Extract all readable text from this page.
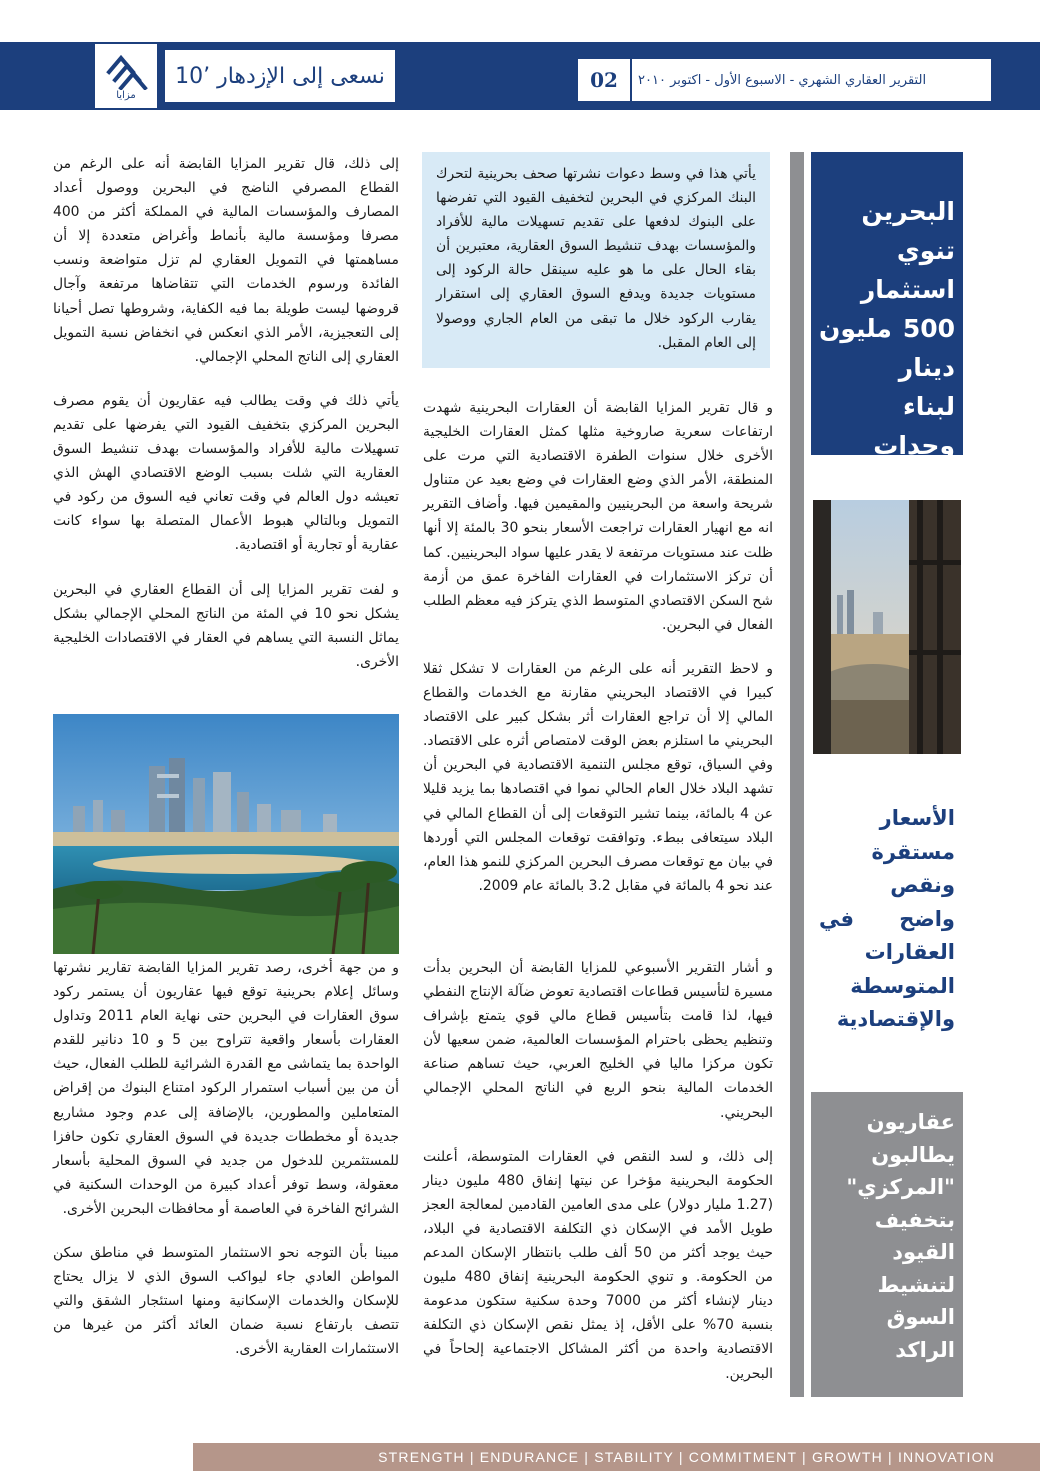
مزايا
نسعى إلى الإزدهار ’10	02	التقرير العقاري الشهري - الاسبوع الأول - اكتوبر ٢٠١٠

إلى ذلك، قال تقرير المزايا القابضة أنه على الرغم من القطاع المصرفي الناضج في البحرين ووصول أعداد المصارف والمؤسسات المالية في المملكة أكثر من 400 مصرفا ومؤسسة مالية بأنماط وأغراض متعددة إلا أن مساهمتها في التمويل العقاري لم تزل متواضعة ونسب الفائدة ورسوم الخدمات التي تتقاضاها مرتفعة وآجال قروضها ليست طويلة بما فيه الكفاية، وشروطها تصل أحيانا إلى التعجيزية، الأمر الذي انعكس في انخفاض نسبة التمويل العقاري إلى الناتج المحلي الإجمالي.

يأتي ذلك في وقت يطالب فيه عقاريون أن يقوم مصرف البحرين المركزي بتخفيف القيود التي يفرضها على تقديم تسهيلات مالية للأفراد والمؤسسات بهدف تنشيط السوق العقارية التي شلت بسبب الوضع الاقتصادي الهش الذي تعيشه دول العالم في وقت تعاني فيه السوق من ركود في التمويل وبالتالي هبوط الأعمال المتصلة بها سواء كانت عقارية أو تجارية أو اقتصادية.

و لفت تقرير المزايا إلى أن القطاع العقاري في البحرين يشكل نحو 10 في المئة من الناتج المحلي الإجمالي بشكل يماثل النسبة التي يساهم في العقار في الاقتصادات الخليجية الأخرى.

و من جهة أخرى، رصد تقرير المزايا القابضة تقارير نشرتها وسائل إعلام بحرينية توقع فيها عقاريون أن يستمر ركود سوق العقارات في البحرين حتى نهاية العام 2011 وتداول العقارات بأسعار واقعية تتراوح بين 5 و 10 دنانير للقدم الواحدة بما يتماشى مع القدرة الشرائية للطلب الفعال، حيث أن من بين أسباب استمرار الركود امتناع البنوك من إقراض المتعاملين والمطورين، بالإضافة إلى عدم وجود مشاريع جديدة أو مخططات جديدة في السوق العقاري تكون حافزا للمستثمرين للدخول من جديد في السوق المحلية بأسعار معقولة، وسط توفر أعداد كبيرة من الوحدات السكنية في الشرائح الفاخرة في العاصمة أو محافظات البحرين الأخرى.

مبينا بأن التوجه نحو الاستثمار المتوسط في مناطق سكن المواطن العادي جاء ليواكب السوق الذي لا يزال يحتاج للإسكان والخدمات الإسكانية ومنها استئجار الشقق والتي تتصف بارتفاع نسبة ضمان العائد أكثر من غيرها من الاستثمارات العقارية الأخرى.

يأتي هذا في وسط دعوات نشرتها صحف بحرينية لتحرك البنك المركزي في البحرين لتخفيف القيود التي تفرضها على البنوك لدفعها على تقديم تسهيلات مالية للأفراد والمؤسسات بهدف تنشيط السوق العقارية، معتبرين أن بقاء الحال على ما هو عليه سينقل حالة الركود إلى مستويات جديدة ويدفع السوق العقاري إلى استقرار يقارب الركود خلال ما تبقى من العام الجاري ووصولا إلى العام المقبل.

و قال تقرير المزايا القابضة أن العقارات البحرينية شهدت ارتفاعات سعرية صاروخية مثلها كمثل العقارات الخليجية الأخرى خلال سنوات الطفرة الاقتصادية التي مرت على المنطقة، الأمر الذي وضع العقارات في وضع بعيد عن متناول شريحة واسعة من البحرينيين والمقيمين فيها. وأضاف التقرير انه مع انهيار العقارات تراجعت الأسعار بنحو 30 بالمئة إلا أنها ظلت عند مستويات مرتفعة لا يقدر عليها سواد البحرينيين. كما أن تركز الاستثمارات في العقارات الفاخرة عمق من أزمة شح السكن الاقتصادي المتوسط الذي يتركز فيه معظم الطلب الفعال في البحرين.

و لاحظ التقرير أنه على الرغم من العقارات لا تشكل ثقلا كبيرا في الاقتصاد البحريني مقارنة مع الخدمات والقطاع المالي إلا أن تراجع العقارات أثر بشكل كبير على الاقتصاد البحريني ما استلزم بعض الوقت لامتصاص أثره على الاقتصاد. وفي السياق، توقع مجلس التنمية الاقتصادية في البحرين أن تشهد البلاد خلال العام الحالي نموا في اقتصادها بما يزيد قليلا عن 4 بالمائة، بينما تشير التوقعات إلى أن القطاع المالي في البلاد سيتعافى ببطء. وتوافقت توقعات المجلس التي أوردها في بيان مع توقعات مصرف البحرين المركزي للنمو هذا العام، عند نحو 4 بالمائة في مقابل 3.2 بالمائة عام 2009.

و أشار التقرير الأسبوعي للمزايا القابضة أن البحرين بدأت مسيرة لتأسيس قطاعات اقتصادية تعوض ضآلة الإنتاج النفطي فيها، لذا قامت بتأسيس قطاع مالي قوي يتمتع بإشراف وتنظيم يحظى باحترام المؤسسات العالمية، ضمن سعيها لأن تكون مركزا ماليا في الخليج العربي، حيث تساهم صناعة الخدمات المالية بنحو الربع في الناتج المحلي الإجمالي البحريني.

إلى ذلك، و لسد النقص في العقارات المتوسطة، أعلنت الحكومة البحرينية مؤخرا عن نيتها إنفاق 480 مليون دينار (1.27 مليار دولار) على مدى العامين القادمين لمعالجة العجز طويل الأمد في الإسكان ذي التكلفة الاقتصادية في البلاد، حيث يوجد أكثر من 50 ألف طلب بانتظار الإسكان المدعم من الحكومة. و تنوي الحكومة البحرينية إنفاق 480 مليون دينار لإنشاء أكثر من 7000 وحدة سكنية ستكون مدعومة بنسبة 70% على الأقل، إذ يمثل نقص الإسكان ذي التكلفة الاقتصادية واحدة من أكثر المشاكل الاجتماعية إلحاحاً في البحرين.

البحرين
تنوي
استثمار
500 مليون
دينار
لبناء
وحدات
سكنية
الأسعار
مستقرة
ونقص
واضح في
العقارات
المتوسطة
والإقتصادية
عقاريون
يطالبون
"المركزي"
بتخفيف
القيود
لتنشيط
السوق
الراكد
STRENGTH | ENDURANCE | STABILITY | COMMITMENT | GROWTH | INNOVATION
